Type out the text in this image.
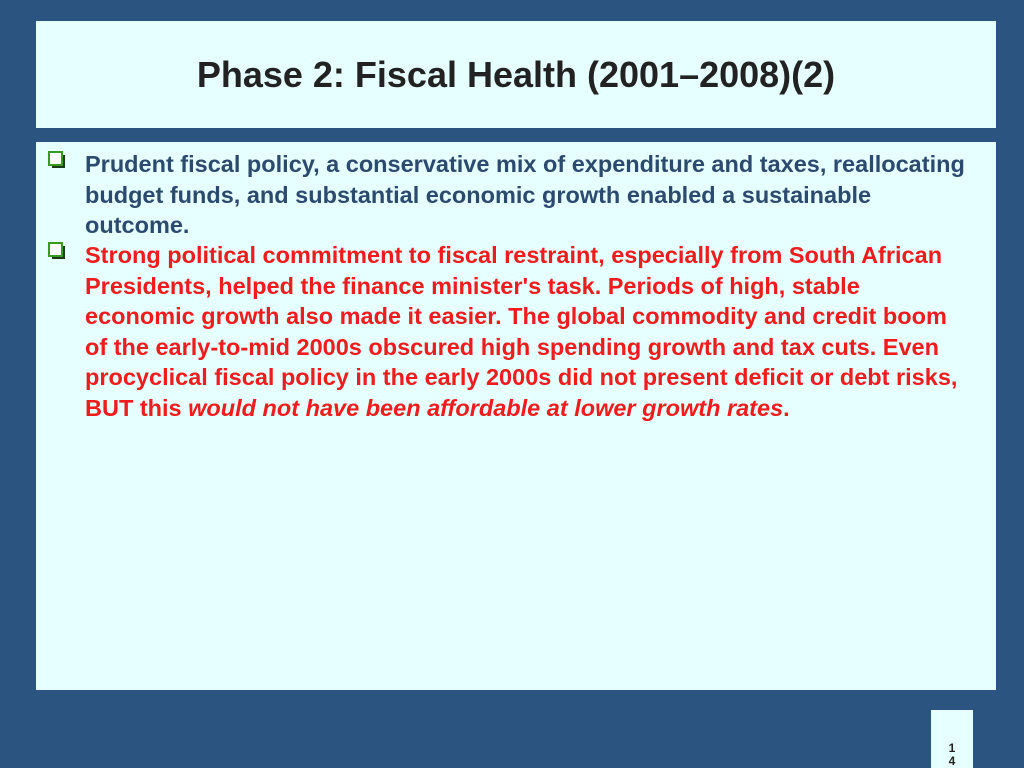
Phase 2: Fiscal Health (2001–2008)(2)

Prudent fiscal policy, a conservative mix of expenditure and taxes, reallocating budget funds, and substantial economic growth enabled a sustainable outcome.

Strong political commitment to fiscal restraint, especially from South African Presidents, helped the finance minister's task. Periods of high, stable economic growth also made it easier. The global commodity and credit boom of the early-to-mid 2000s obscured high spending growth and tax cuts. Even procyclical fiscal policy in the early 2000s did not present deficit or debt risks, BUT this would not have been affordable at lower growth rates.

14
